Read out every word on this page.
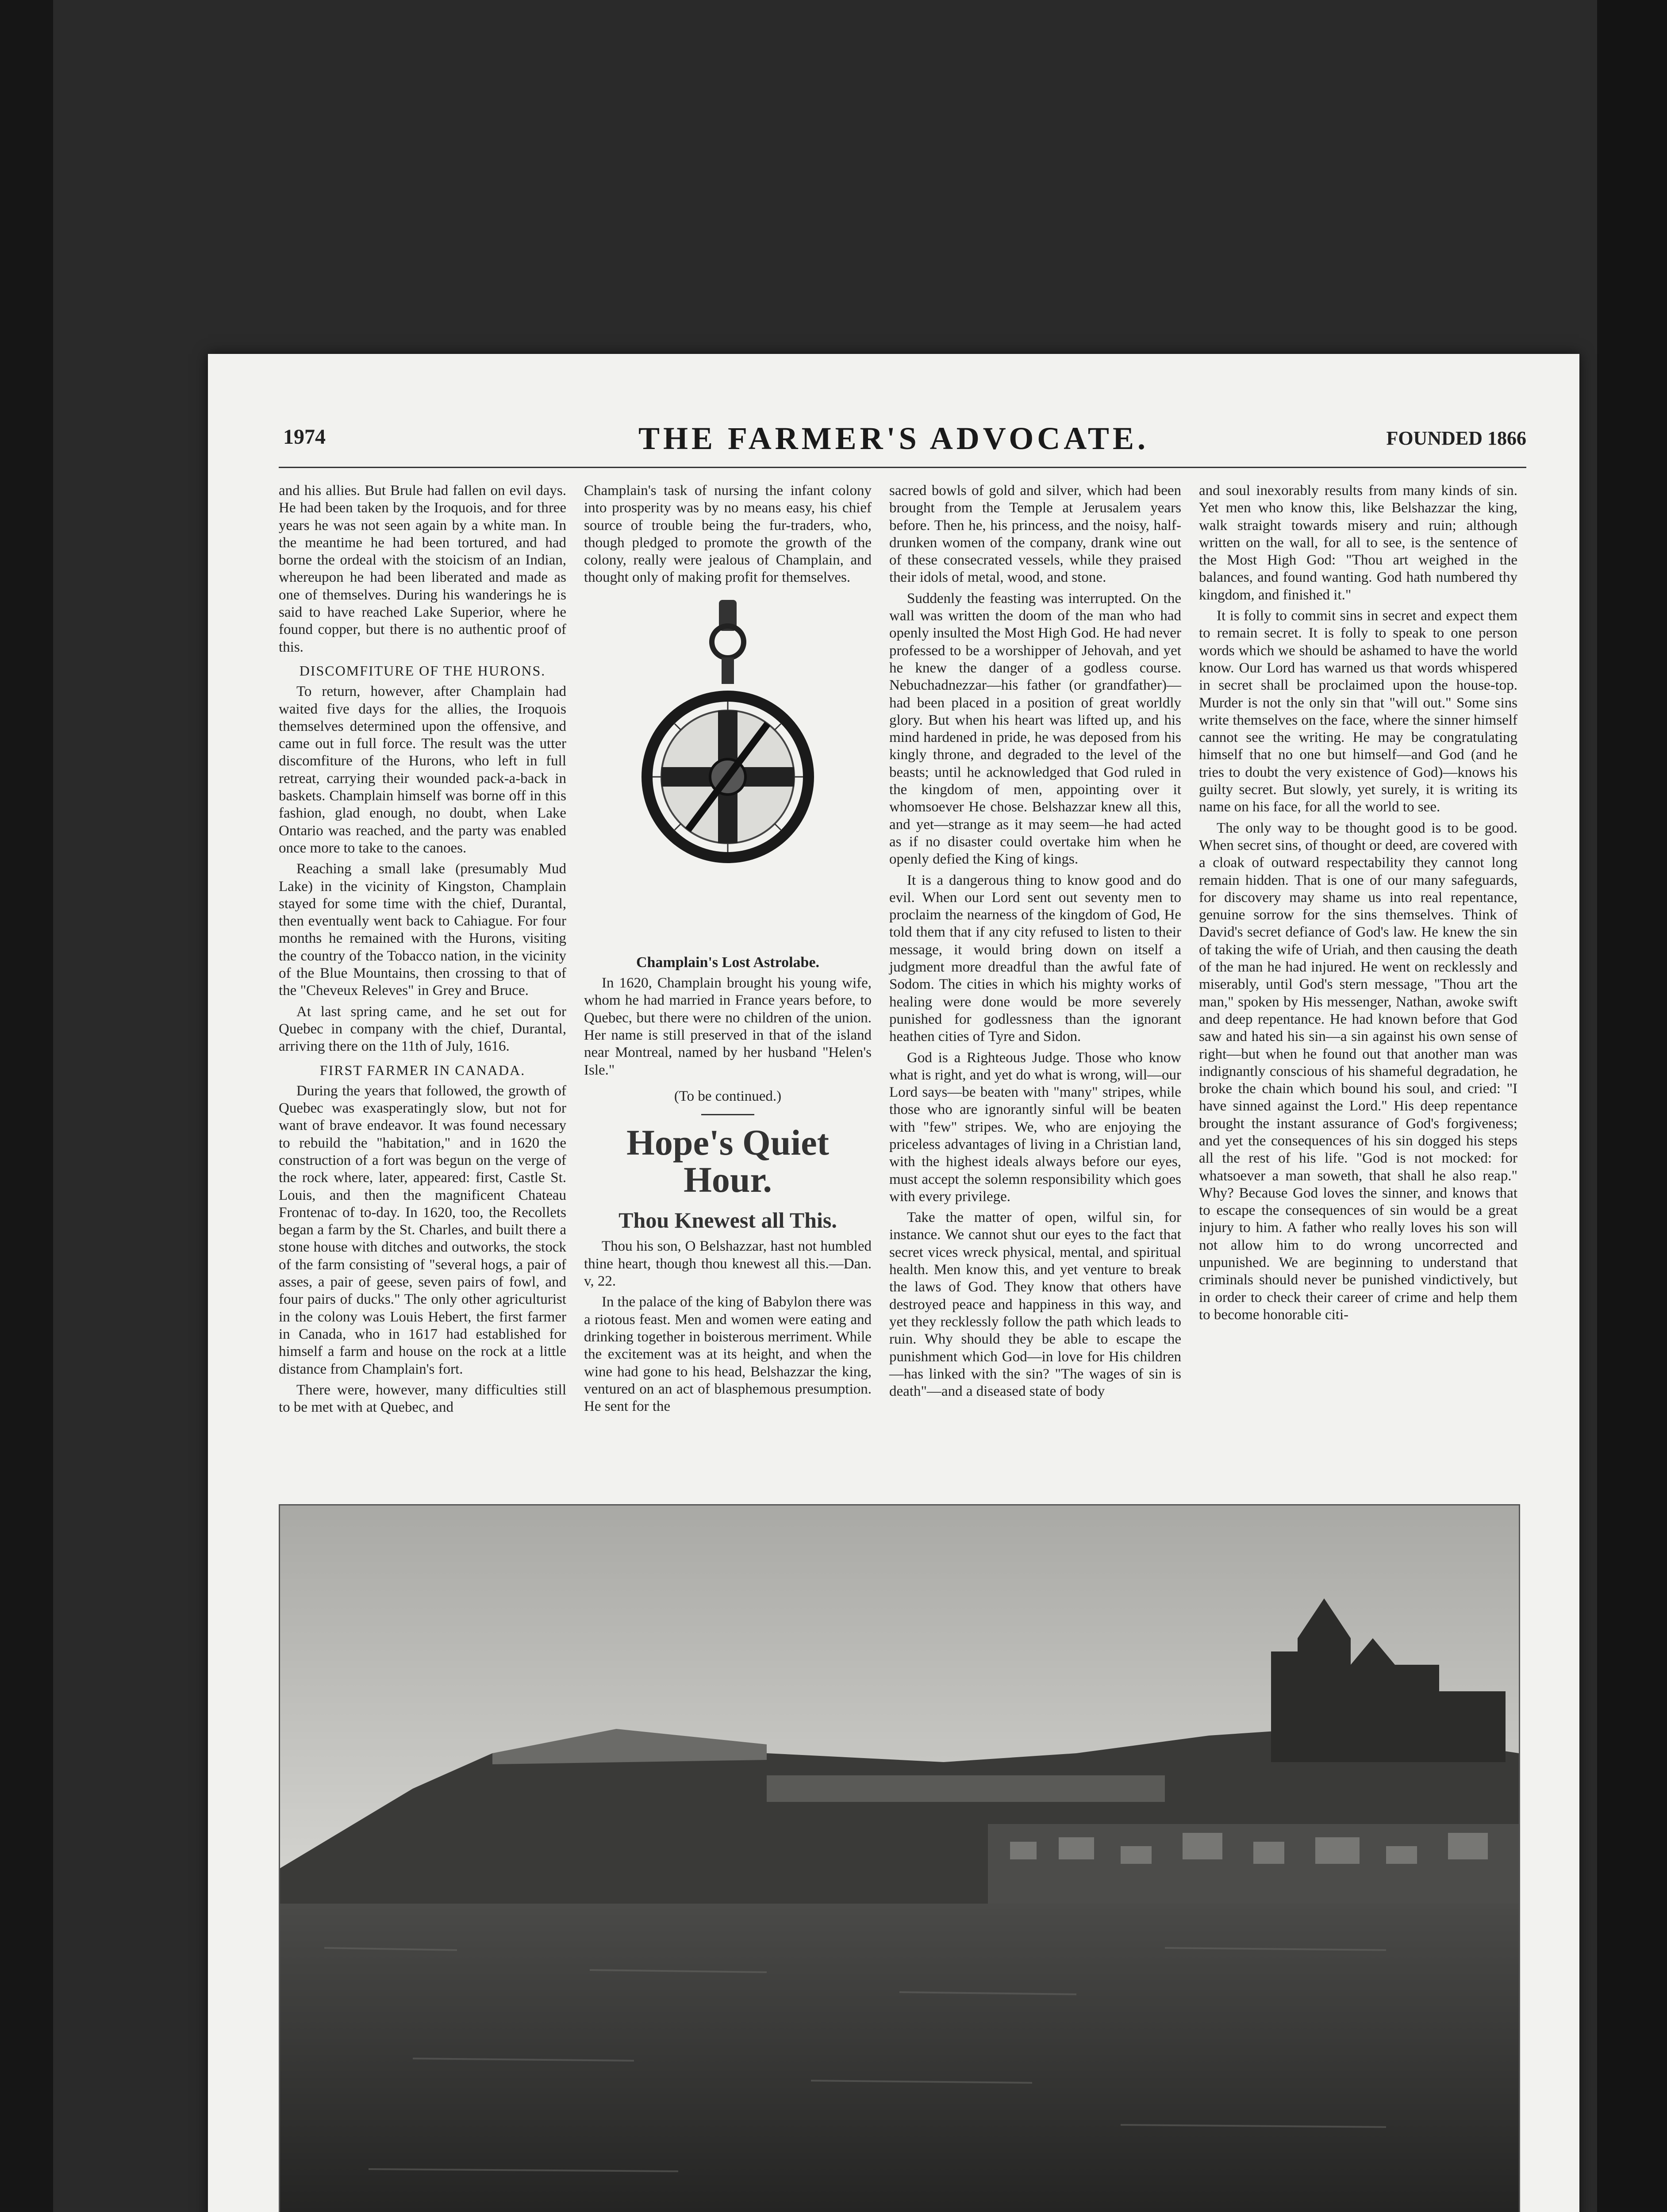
1974	THE FARMER'S ADVOCATE.	FOUNDED 1866

and his allies. But Brule had fallen on evil days. He had been taken by the Iroquois, and for three years he was not seen again by a white man. In the meantime he had been tortured, and had borne the ordeal with the stoicism of an Indian, whereupon he had been liberated and made as one of themselves. During his wanderings he is said to have reached Lake Superior, where he found copper, but there is no authentic proof of this.

DISCOMFITURE OF THE HURONS.

To return, however, after Champlain had waited five days for the allies, the Iroquois themselves determined upon the offensive, and came out in full force. The result was the utter discomfiture of the Hurons, who left in full retreat, carrying their wounded pack-a-back in baskets. Champlain himself was borne off in this fashion, glad enough, no doubt, when Lake Ontario was reached, and the party was enabled once more to take to the canoes.

Reaching a small lake (presumably Mud Lake) in the vicinity of Kingston, Champlain stayed for some time with the chief, Durantal, then eventually went back to Cahiague. For four months he remained with the Hurons, visiting the country of the Tobacco nation, in the vicinity of the Blue Mountains, then crossing to that of the "Cheveux Releves" in Grey and Bruce.

At last spring came, and he set out for Quebec in company with the chief, Durantal, arriving there on the 11th of July, 1616.

FIRST FARMER IN CANADA.

During the years that followed, the growth of Quebec was exasperatingly slow, but not for want of brave endeavor. It was found necessary to rebuild the "habitation," and in 1620 the construction of a fort was begun on the verge of the rock where, later, appeared: first, Castle St. Louis, and then the magnificent Chateau Frontenac of to-day. In 1620, too, the Recollets began a farm by the St. Charles, and built there a stone house with ditches and outworks, the stock of the farm consisting of "several hogs, a pair of asses, a pair of geese, seven pairs of fowl, and four pairs of ducks." The only other agriculturist in the colony was Louis Hebert, the first farmer in Canada, who in 1617 had established for himself a farm and house on the rock at a little distance from Champlain's fort.

There were, however, many difficulties still to be met with at Quebec, and

Champlain's task of nursing the infant colony into prosperity was by no means easy, his chief source of trouble being the fur-traders, who, though pledged to promote the growth of the colony, really were jealous of Champlain, and thought only of making profit for themselves.

Champlain's Lost Astrolabe.

In 1620, Champlain brought his young wife, whom he had married in France years before, to Quebec, but there were no children of the union. Her name is still preserved in that of the island near Montreal, named by her husband "Helen's Isle."

(To be continued.)

Hope's Quiet Hour.
Thou Knewest all This.

Thou his son, O Belshazzar, hast not humbled thine heart, though thou knewest all this.—Dan. v, 22.

In the palace of the king of Babylon there was a riotous feast. Men and women were eating and drinking together in boisterous merriment. While the excitement was at its height, and when the wine had gone to his head, Belshazzar the king, ventured on an act of blasphemous presumption. He sent for the

sacred bowls of gold and silver, which had been brought from the Temple at Jerusalem years before. Then he, his princess, and the noisy, half-drunken women of the company, drank wine out of these consecrated vessels, while they praised their idols of metal, wood, and stone.

Suddenly the feasting was interrupted. On the wall was written the doom of the man who had openly insulted the Most High God. He had never professed to be a worshipper of Jehovah, and yet he knew the danger of a godless course. Nebuchadnezzar—his father (or grandfather)—had been placed in a position of great worldly glory. But when his heart was lifted up, and his mind hardened in pride, he was deposed from his kingly throne, and degraded to the level of the beasts; until he acknowledged that God ruled in the kingdom of men, appointing over it whomsoever He chose. Belshazzar knew all this, and yet—strange as it may seem—he had acted as if no disaster could overtake him when he openly defied the King of kings.

It is a dangerous thing to know good and do evil. When our Lord sent out seventy men to proclaim the nearness of the kingdom of God, He told them that if any city refused to listen to their message, it would bring down on itself a judgment more dreadful than the awful fate of Sodom. The cities in which his mighty works of healing were done would be more severely punished for godlessness than the ignorant heathen cities of Tyre and Sidon.

God is a Righteous Judge. Those who know what is right, and yet do what is wrong, will—our Lord says—be beaten with "many" stripes, while those who are ignorantly sinful will be beaten with "few" stripes. We, who are enjoying the priceless advantages of living in a Christian land, with the highest ideals always before our eyes, must accept the solemn responsibility which goes with every privilege.

Take the matter of open, wilful sin, for instance. We cannot shut our eyes to the fact that secret vices wreck physical, mental, and spiritual health. Men know this, and yet venture to break the laws of God. They know that others have destroyed peace and happiness in this way, and yet they recklessly follow the path which leads to ruin. Why should they be able to escape the punishment which God—in love for His children—has linked with the sin? "The wages of sin is death"—and a diseased state of body

and soul inexorably results from many kinds of sin. Yet men who know this, like Belshazzar the king, walk straight towards misery and ruin; although written on the wall, for all to see, is the sentence of the Most High God: "Thou art weighed in the balances, and found wanting. God hath numbered thy kingdom, and finished it."

It is folly to commit sins in secret and expect them to remain secret. It is folly to speak to one person words which we should be ashamed to have the world know. Our Lord has warned us that words whispered in secret shall be proclaimed upon the house-top. Murder is not the only sin that "will out." Some sins write themselves on the face, where the sinner himself cannot see the writing. He may be congratulating himself that no one but himself—and God (and he tries to doubt the very existence of God)—knows his guilty secret. But slowly, yet surely, it is writing its name on his face, for all the world to see.

The only way to be thought good is to be good. When secret sins, of thought or deed, are covered with a cloak of outward respectability they cannot long remain hidden. That is one of our many safeguards, for discovery may shame us into real repentance, genuine sorrow for the sins themselves. Think of David's secret defiance of God's law. He knew the sin of taking the wife of Uriah, and then causing the death of the man he had injured. He went on recklessly and miserably, until God's stern message, "Thou art the man," spoken by His messenger, Nathan, awoke swift and deep repentance. He had known before that God saw and hated his sin—a sin against his own sense of right—but when he found out that another man was indignantly conscious of his shameful degradation, he broke the chain which bound his soul, and cried: "I have sinned against the Lord." His deep repentance brought the instant assurance of God's forgiveness; and yet the consequences of his sin dogged his steps all the rest of his life. "God is not mocked: for whatsoever a man soweth, that shall he also reap." Why? Because God loves the sinner, and knows that to escape the consequences of sin would be a great injury to him. A father who really loves his son will not allow him to do wrong uncorrected and unpunished. We are beginning to understand that criminals should never be punished vindictively, but in order to check their career of crime and help them to become honorable citi-
